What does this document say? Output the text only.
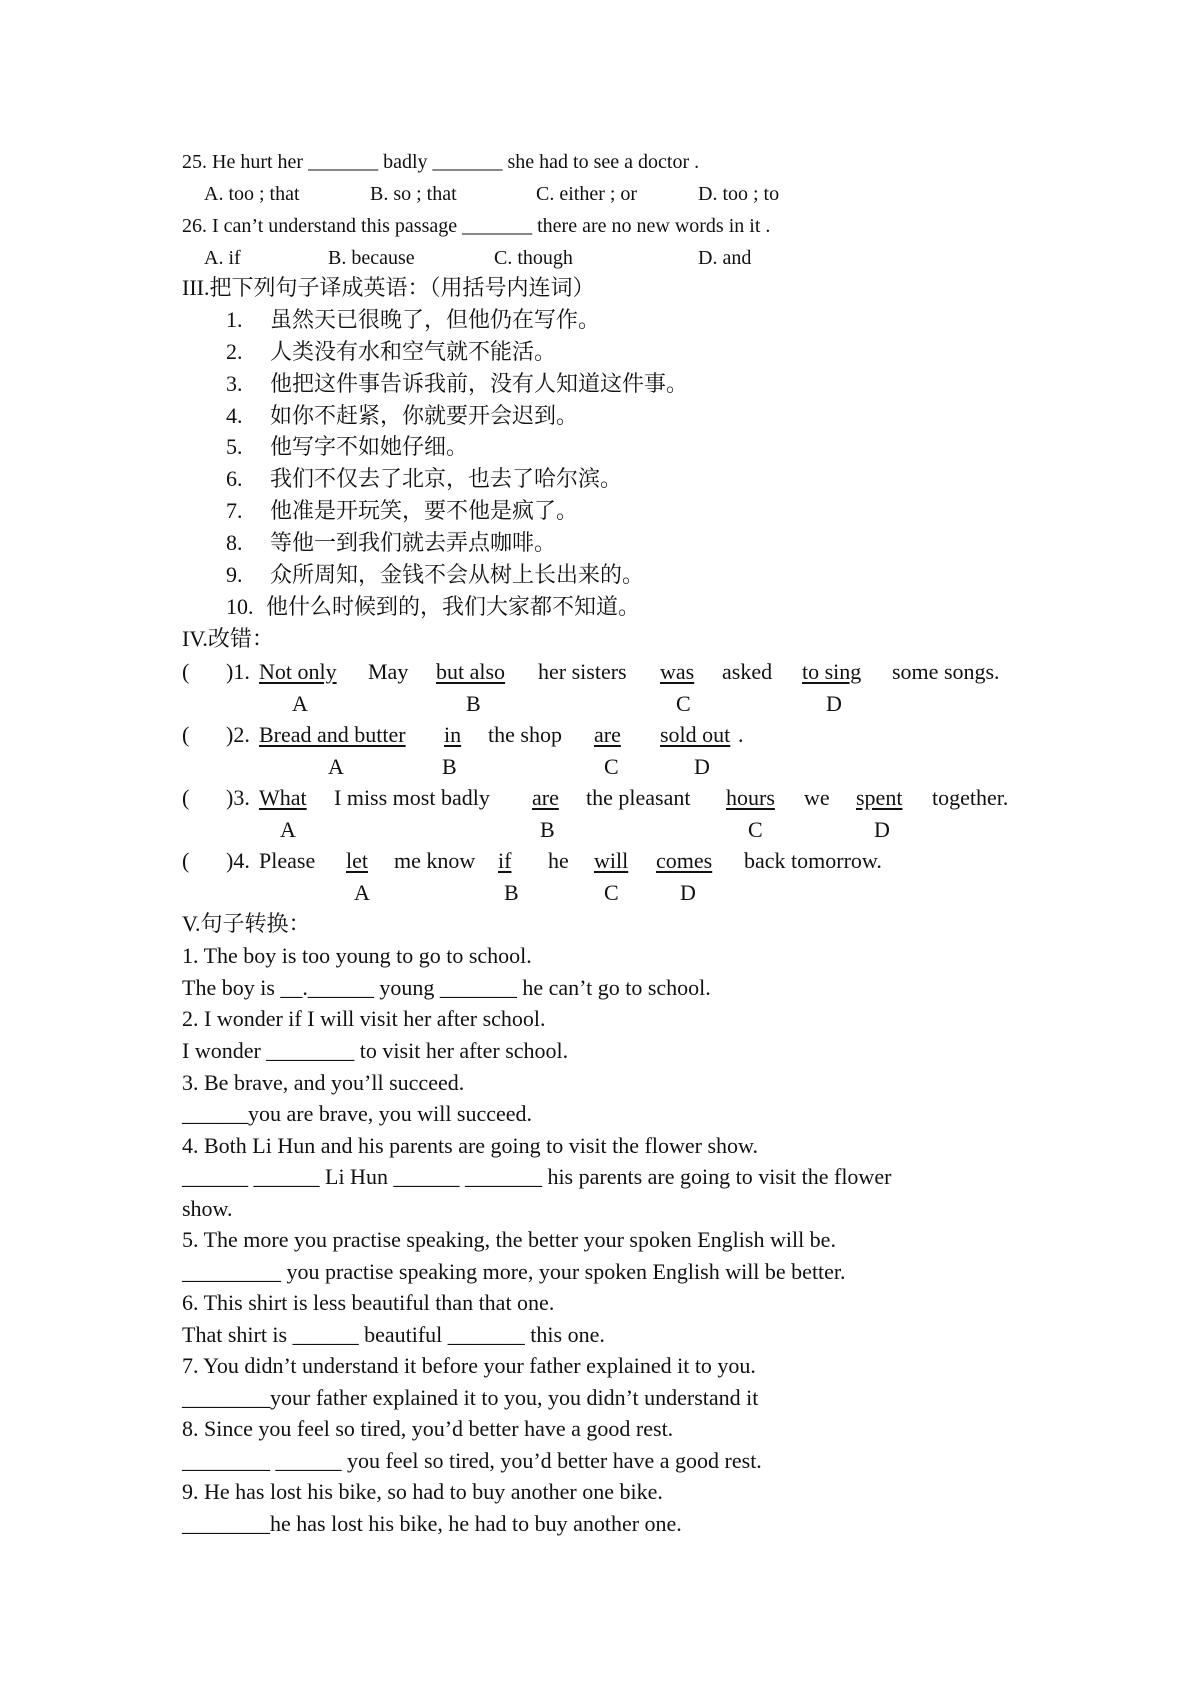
25. He hurt her _______ badly _______ she had to see a doctor .
A. too ; that	B. so ; that	C. either ; or	D. too ; to
26. I can’t understand this passage _______ there are no new words in it .
A. if	B. because	C. though	D. and
III.把下列句子译成英语：（用括号内连词）
1. 虽然天已很晚了，但他仍在写作。
2. 人类没有水和空气就不能活。
3. 他把这件事告诉我前，没有人知道这件事。
4. 如你不赶紧，你就要开会迟到。
5. 他写字不如她仔细。
6. 我们不仅去了北京，也去了哈尔滨。
7. 他准是开玩笑，要不他是疯了。
8. 等他一到我们就去弄点咖啡。
9. 众所周知，金钱不会从树上长出来的。
10. 他什么时候到的，我们大家都不知道。
IV.改错：
( )1. Not only May but also her sisters was asked to sing some songs.
A	B	C	D
( )2. Bread and butter in the shop are sold out .
A	B	C	D
( )3. What I miss most badly are the pleasant hours we spent together.
A	B	C	D
( )4. Please let me know if he will comes back tomorrow.
A	B	C	D
V.句子转换：
1. The boy is too young to go to school.
The boy is __.______ young _______ he can’t go to school.
2. I wonder if I will visit her after school.
I wonder ________ to visit her after school.
3. Be brave, and you’ll succeed.
______you are brave, you will succeed.
4. Both Li Hun and his parents are going to visit the flower show.
______ ______ Li Hun ______ _______ his parents are going to visit the flower
show.
5. The more you practise speaking, the better your spoken English will be.
_________ you practise speaking more, your spoken English will be better.
6. This shirt is less beautiful than that one.
That shirt is ______ beautiful _______ this one.
7. You didn’t understand it before your father explained it to you.
________your father explained it to you, you didn’t understand it
8. Since you feel so tired, you’d better have a good rest.
________ ______ you feel so tired, you’d better have a good rest.
9. He has lost his bike, so had to buy another one bike.
________he has lost his bike, he had to buy another one.
